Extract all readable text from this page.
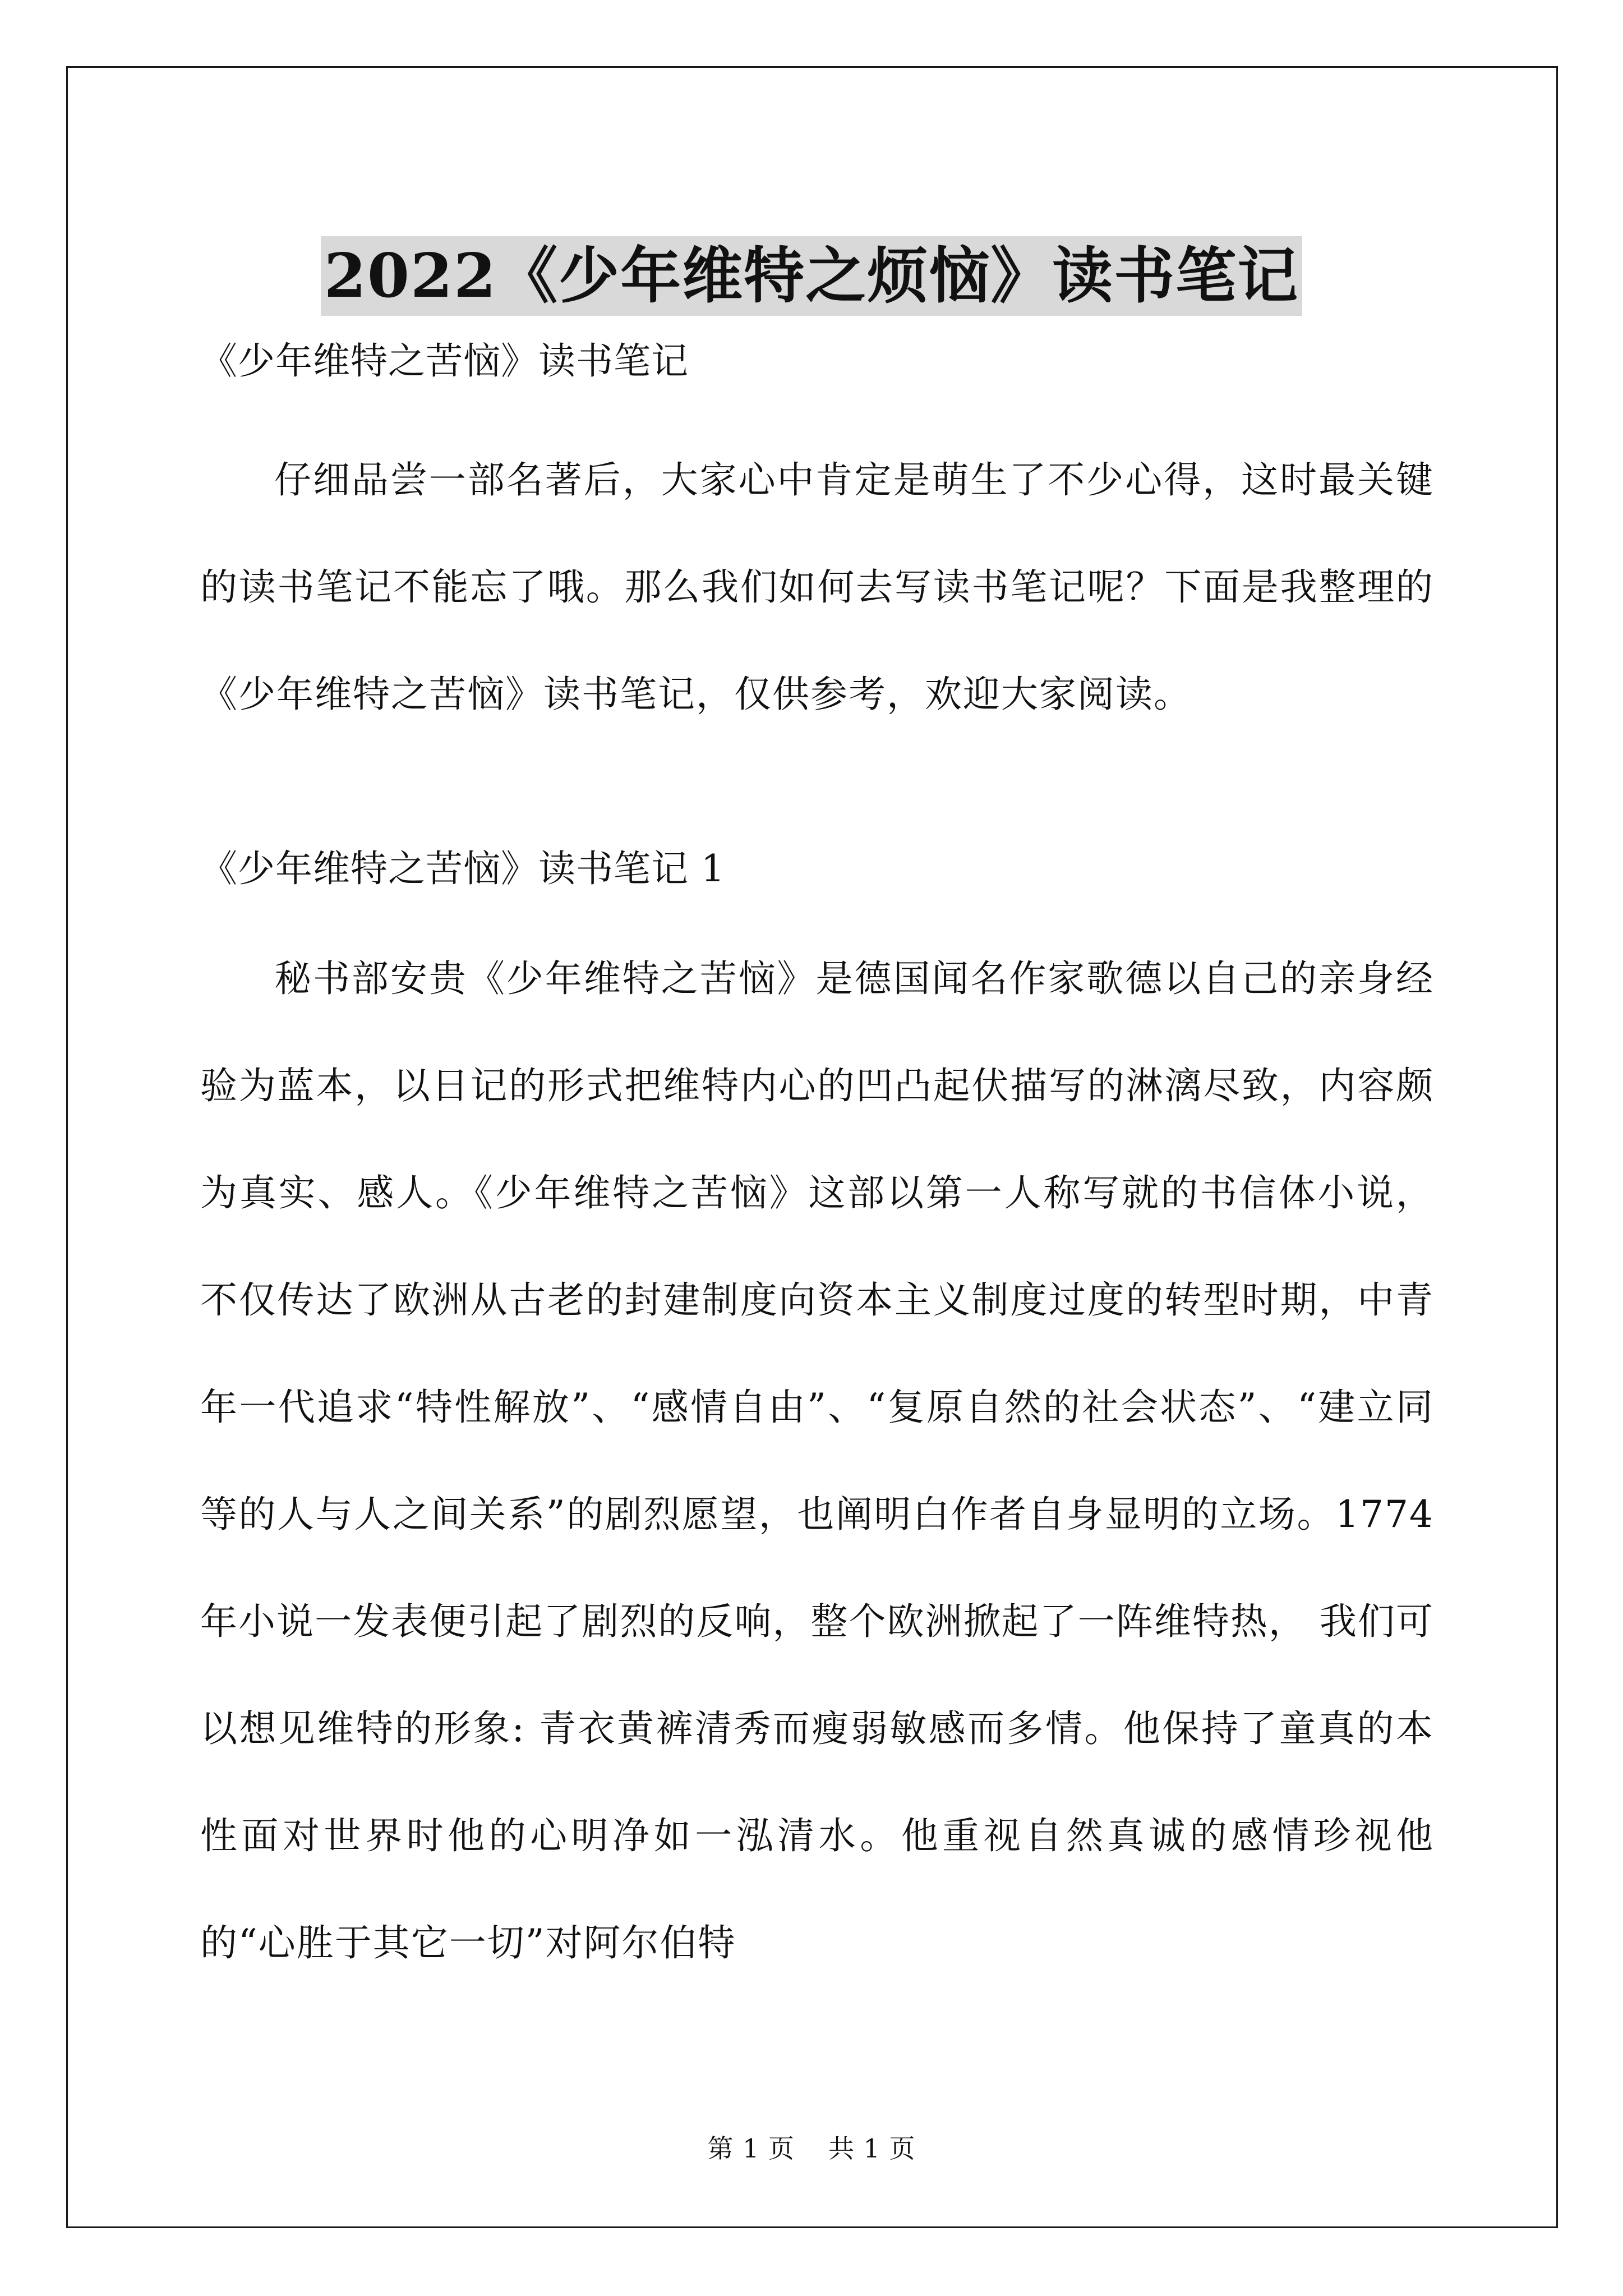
2022《少年维特之烦恼》读书笔记

《少年维特之苦恼》读书笔记

仔细品尝一部名著后，大家心中肯定是萌生了不少心得，这时最关键的读书笔记不能忘了哦。那么我们如何去写读书笔记呢？下面是我整理的《少年维特之苦恼》读书笔记，仅供参考，欢迎大家阅读。

《少年维特之苦恼》读书笔记 1

秘书部安贵《少年维特之苦恼》是德国闻名作家歌德以自己的亲身经验为蓝本，以日记的形式把维特内心的凹凸起伏描写的淋漓尽致，内容颇为真实、感人。《少年维特之苦恼》这部以第一人称写就的书信体小说，不仅传达了欧洲从古老的封建制度向资本主义制度过度的转型时期，中青年一代追求“特性解放”、“感情自由”、“复原自然的社会状态”、“建立同等的人与人之间关系”的剧烈愿望，也阐明白作者自身显明的立场。1774 年小说一发表便引起了剧烈的反响，整个欧洲掀起了一阵维特热， 我们可以想见维特的形象: 青衣黄裤清秀而瘦弱敏感而多情。他保持了童真的本性面对世界时他的心明净如一泓清水。他重视自然真诚的感情珍视他的“心胜于其它一切”对阿尔伯特

第 1 页 共 1 页
